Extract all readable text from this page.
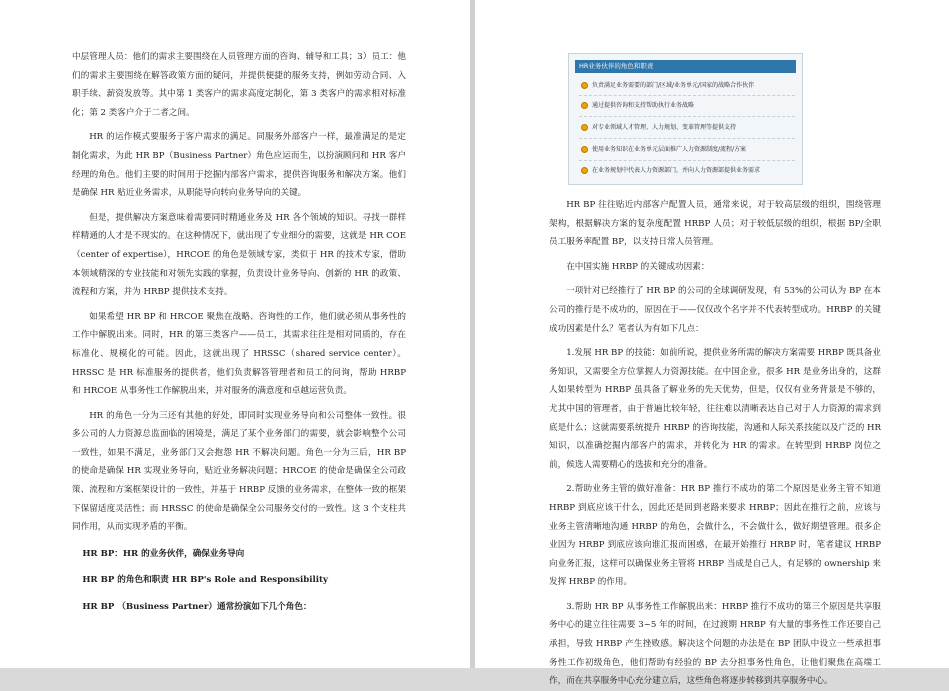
中层管理人员：他们的需求主要围绕在人员管理方面的咨询、辅导和工具；3）员工：他们的需求主要围绕在解答政策方面的疑问，并提供便捷的服务支持，例如劳动合同、入职手续、薪资发放等。其中第 1 类客户的需求高度定制化，第 3 类客户的需求相对标准化；第 2 类客户介于二者之间。

HR 的运作模式要服务于客户需求的满足。同服务外部客户一样，最准满足的是定制化需求，为此 HR BP（Business Partner）角色应运而生，以扮演顾问和 HR 客户经理的角色。他们主要的时间用于挖掘内部客户需求，提供咨询服务和解决方案。他们是确保 HR 贴近业务需求，从职能导向转向业务导向的关键。

但是，提供解决方案意味着需要同时精通业务及 HR 各个领域的知识。寻找一群样样精通的人才是不现实的。在这种情况下，就出现了专业细分的需要，这就是 HR COE（center of expertise），HRCOE 的角色是领域专家，类似于 HR 的技术专家，借助本领域精深的专业技能和对领先实践的掌握，负责设计业务导向、创新的 HR 的政策、流程和方案，并为 HRBP 提供技术支持。

如果希望 HR BP 和 HRCOE 聚焦在战略、咨询性的工作，他们就必须从事务性的工作中解脱出来。同时，HR 的第三类客户——员工，其需求往往是相对同质的，存在标准化、规模化的可能。因此，这就出现了 HRSSC（shared service center）。HRSSC 是 HR 标准服务的提供者，他们负责解答管理者和员工的问询，帮助 HRBP 和 HRCOE 从事务性工作解脱出来，并对服务的满意度和卓越运营负责。

HR 的角色一分为三还有其他的好处，即同时实现业务导向和公司整体一致性。很多公司的人力资源总监面临的困境是，满足了某个业务部门的需要，就会影响整个公司一致性，如果不满足，业务部门又会抱怨 HR 不解决问题。角色一分为三后，HR BP 的使命是确保 HR 实现业务导向，贴近业务解决问题；HRCOE 的使命是确保全公司政策、流程和方案框架设计的一致性，并基于 HRBP 反馈的业务需求，在整体一致的框架下保留适度灵活性；而 HRSSC 的使命是确保全公司服务交付的一致性。这 3 个支柱共同作用，从而实现矛盾的平衡。

HR BP：HR 的业务伙伴，确保业务导向

HR BP 的角色和职责 HR BP's Role and Responsibility

HR BP （Business Partner）通常扮演如下几个角色：

HR BP 往往贴近内部客户配置人员，通常来说，对于较高层级的组织，围绕管理架构，根据解决方案的复杂度配置 HRBP 人员；对于较低层级的组织，根据 BP/全职员工服务率配置 BP，以支持日常人员管理。

在中国实施 HRBP 的关键成功因素：

一项针对已经推行了 HR BP 的公司的全球调研发现，有 53%的公司认为 BP 在本公司的推行是不成功的，原因在于——仅仅改个名字并不代表转型成功。HRBP 的关键成功因素是什么？笔者认为有如下几点：

1.发展 HR BP 的技能：如前所说，提供业务所需的解决方案需要 HRBP 既具备业务知识，又需要全方位掌握人力资源技能。在中国企业，很多 HR 是业务出身的，这群人如果转型为 HRBP 虽具备了解业务的先天优势，但是，仅仅有业务背景是不够的，尤其中国的管理者，由于普遍比较年轻，往往难以清晰表达自己对于人力资源的需求到底是什么；这就需要系统提升 HRBP 的咨询技能，沟通和人际关系技能以及广泛的 HR 知识，以准确挖掘内部客户的需求，并转化为 HR 的需求。在转型到 HRBP 岗位之前，候选人需要精心的选拔和充分的准备。

2.帮助业务主管的做好准备：HR BP 推行不成功的第二个原因是业务主管不知道 HRBP 到底应该干什么，因此还是回到老路来要求 HRBP；因此在推行之前，应该与业务主管清晰地沟通 HRBP 的角色，会做什么，不会做什么，做好期望管理。很多企业因为 HRBP 到底应该向谁汇报而困惑，在最开始推行 HRBP 时，笔者建议 HRBP 向业务汇报，这样可以确保业务主管将 HRBP 当成是自己人，有足够的 ownership 来发挥 HRBP 的作用。

3.帮助 HR BP 从事务性工作解脱出来：HRBP 推行不成功的第三个原因是共享服务中心的建立往往需要 3~5 年的时间，在过渡期 HRBP 有大量的事务性工作还要自己承担，导致 HRBP 产生挫败感。解决这个问题的办法是在 BP 团队中设立一些承担事务性工作初级角色，他们帮助有经验的 BP 去分担事务性角色，让他们聚焦在高端工作，而在共享服务中心充分建立后，这些角色将逐步转移到共享服务中心。

HR业务伙伴的角色和职责
负责满足业务需要的部门/区域/业务单元/国家的战略合作伙伴
通过提供咨询和支持帮助执行业务战略
对专业领域人才管理、人力规划、变革管理等提供支持
使用业务知识在业务单元层面推广人力资源制度/流程/方案
在业务规划中代表人力资源部门，并向人力资源部提供业务需求
